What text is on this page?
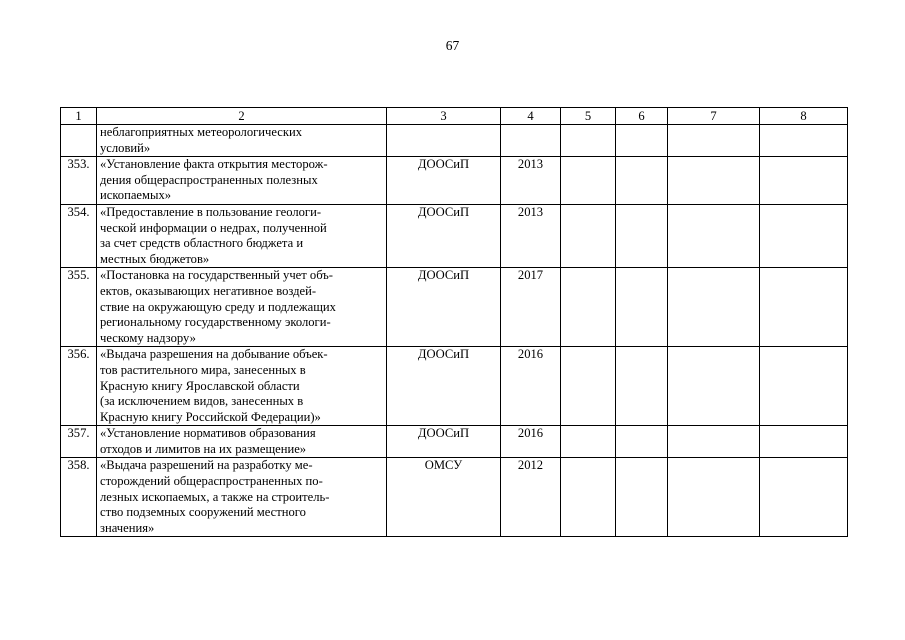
67
1	2	3	4	5	6	7	8

	неблагоприятных метеорологических
условий»						

353.	«Установление факта открытия месторож-
дения общераспространенных полезных
ископаемых»	ДООСиП	2013				
354.	«Предоставление в пользование геологи-
ческой информации о недрах, полученной
за счет средств областного бюджета и
местных бюджетов»	ДООСиП	2013				
355.	«Постановка на государственный учет объ-
ектов, оказывающих негативное воздей-
ствие на окружающую среду и подлежащих
региональному государственному экологи-
ческому надзору»	ДООСиП	2017				
356.	«Выдача разрешения на добывание объек-
тов растительного мира, занесенных в
Красную книгу Ярославской области
(за исключением видов, занесенных в
Красную книгу Российской Федерации)»	ДООСиП	2016				
357.	«Установление нормативов образования
отходов и лимитов на их размещение»	ДООСиП	2016				
358.	«Выдача разрешений на разработку ме-
сторождений общераспространенных по-
лезных ископаемых, а также на строитель-
ство подземных сооружений местного
значения»	ОМСУ	2012				
